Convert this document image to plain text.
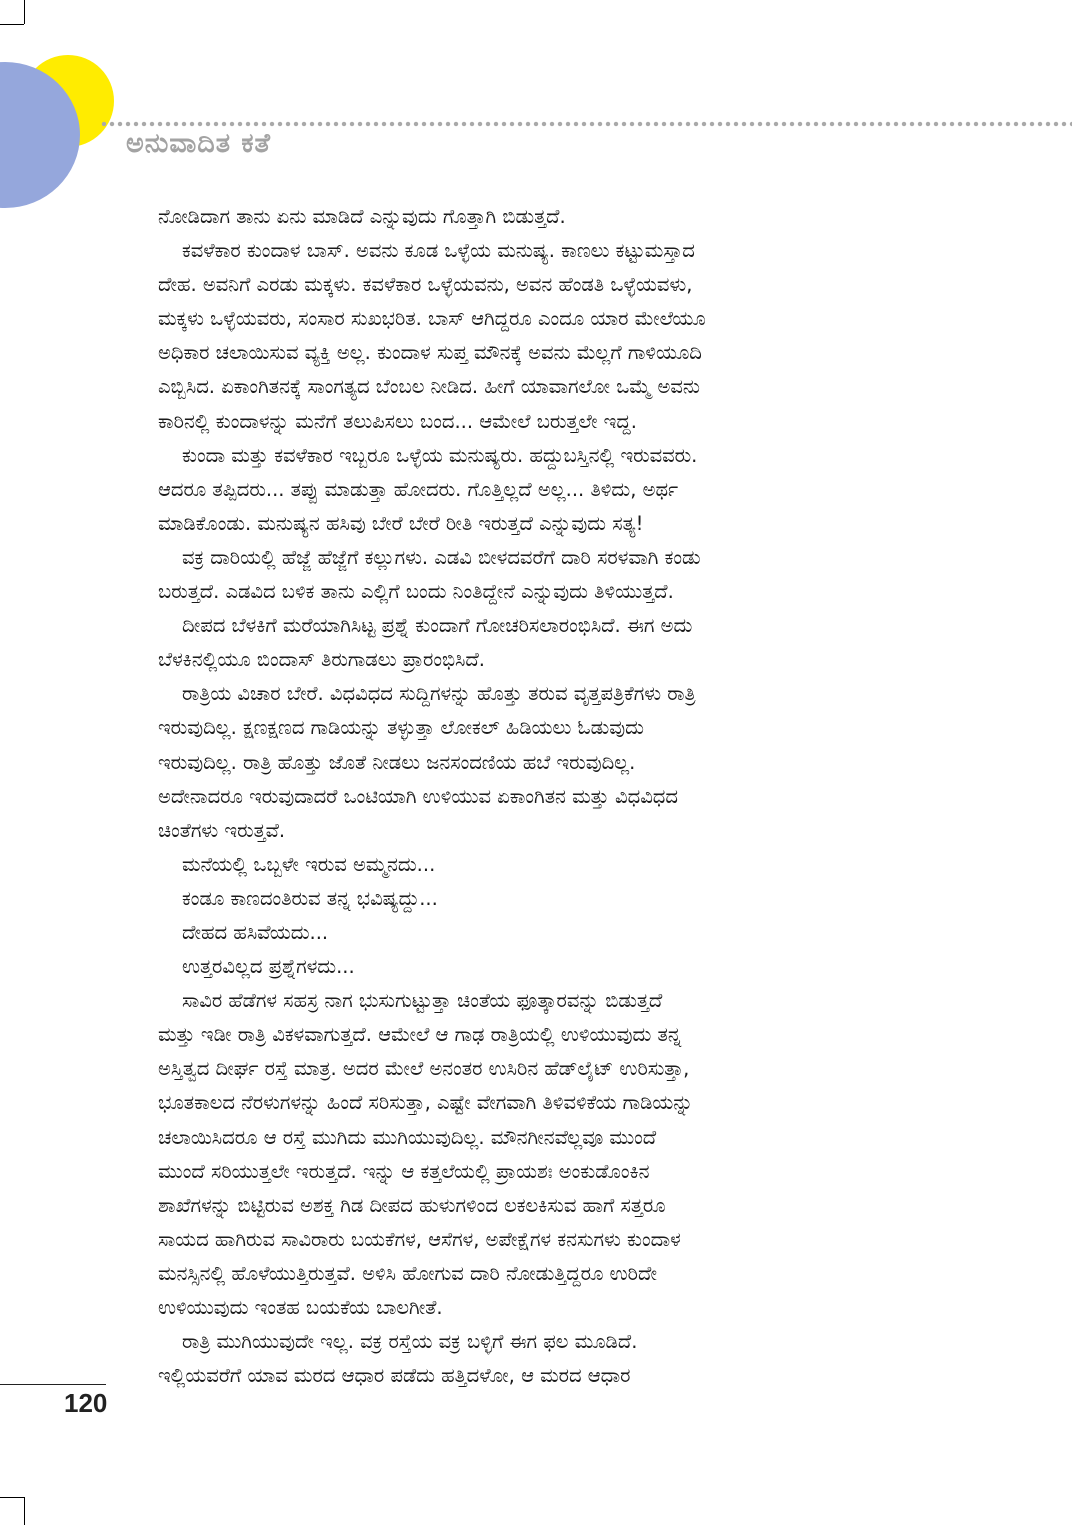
ಅನುವಾದಿತ ಕತೆ
ನೋಡಿದಾಗ ತಾನು ಏನು ಮಾಡಿದೆ ಎನ್ನುವುದು ಗೊತ್ತಾಗಿ ಬಿಡುತ್ತದೆ.
ಕವಳೆಕಾರ ಕುಂದಾಳ ಬಾಸ್. ಅವನು ಕೂಡ ಒಳ್ಳೆಯ ಮನುಷ್ಯ. ಕಾಣಲು ಕಟ್ಟುಮಸ್ತಾದ
ದೇಹ. ಅವನಿಗೆ ಎರಡು ಮಕ್ಕಳು. ಕವಳೆಕಾರ ಒಳ್ಳೆಯವನು, ಅವನ ಹೆಂಡತಿ ಒಳ್ಳೆಯವಳು,
ಮಕ್ಕಳು ಒಳ್ಳೆಯವರು, ಸಂಸಾರ ಸುಖಭರಿತ. ಬಾಸ್ ಆಗಿದ್ದರೂ ಎಂದೂ ಯಾರ ಮೇಲೆಯೂ
ಅಧಿಕಾರ ಚಲಾಯಿಸುವ ವ್ಯಕ್ತಿ ಅಲ್ಲ. ಕುಂದಾಳ ಸುಪ್ತ ಮೌನಕ್ಕೆ ಅವನು ಮೆಲ್ಲಗೆ ಗಾಳಿಯೂದಿ
ಎಬ್ಬಿಸಿದ. ಏಕಾಂಗಿತನಕ್ಕೆ ಸಾಂಗತ್ಯದ ಬೆಂಬಲ ನೀಡಿದ. ಹೀಗೆ ಯಾವಾಗಲೋ ಒಮ್ಮೆ ಅವನು
ಕಾರಿನಲ್ಲಿ ಕುಂದಾಳನ್ನು ಮನೆಗೆ ತಲುಪಿಸಲು ಬಂದ... ಆಮೇಲೆ ಬರುತ್ತಲೇ ಇದ್ದ.
ಕುಂದಾ ಮತ್ತು ಕವಳೆಕಾರ ಇಬ್ಬರೂ ಒಳ್ಳೆಯ ಮನುಷ್ಯರು. ಹದ್ದುಬಸ್ತಿನಲ್ಲಿ ಇರುವವರು.
ಆದರೂ ತಪ್ಪಿದರು... ತಪ್ಪು ಮಾಡುತ್ತಾ ಹೋದರು. ಗೊತ್ತಿಲ್ಲದೆ ಅಲ್ಲ... ತಿಳಿದು, ಅರ್ಥ
ಮಾಡಿಕೊಂಡು. ಮನುಷ್ಯನ ಹಸಿವು ಬೇರೆ ಬೇರೆ ರೀತಿ ಇರುತ್ತದೆ ಎನ್ನುವುದು ಸತ್ಯ!
ವಕ್ರ ದಾರಿಯಲ್ಲಿ ಹೆಜ್ಜೆ ಹೆಜ್ಜೆಗೆ ಕಲ್ಲುಗಳು. ಎಡವಿ ಬೀಳದವರೆಗೆ ದಾರಿ ಸರಳವಾಗಿ ಕಂಡು
ಬರುತ್ತದೆ. ಎಡವಿದ ಬಳಿಕ ತಾನು ಎಲ್ಲಿಗೆ ಬಂದು ನಿಂತಿದ್ದೇನೆ ಎನ್ನುವುದು ತಿಳಿಯುತ್ತದೆ.
ದೀಪದ ಬೆಳಕಿಗೆ ಮರೆಯಾಗಿಸಿಟ್ಟ ಪ್ರಶ್ನೆ ಕುಂದಾಗೆ ಗೋಚರಿಸಲಾರಂಭಿಸಿದೆ. ಈಗ ಅದು
ಬೆಳಕಿನಲ್ಲಿಯೂ ಬಿಂದಾಸ್ ತಿರುಗಾಡಲು ಪ್ರಾರಂಭಿಸಿದೆ.
ರಾತ್ರಿಯ ವಿಚಾರ ಬೇರೆ. ವಿಧವಿಧದ ಸುದ್ದಿಗಳನ್ನು ಹೊತ್ತು ತರುವ ವೃತ್ತಪತ್ರಿಕೆಗಳು ರಾತ್ರಿ
ಇರುವುದಿಲ್ಲ. ಕ್ಷಣಕ್ಷಣದ ಗಾಡಿಯನ್ನು ತಳ್ಳುತ್ತಾ ಲೋಕಲ್ ಹಿಡಿಯಲು ಓಡುವುದು
ಇರುವುದಿಲ್ಲ. ರಾತ್ರಿ ಹೊತ್ತು ಜೊತೆ ನೀಡಲು ಜನಸಂದಣಿಯ ಹಬೆ ಇರುವುದಿಲ್ಲ.
ಅದೇನಾದರೂ ಇರುವುದಾದರೆ ಒಂಟಿಯಾಗಿ ಉಳಿಯುವ ಏಕಾಂಗಿತನ ಮತ್ತು ವಿಧವಿಧದ
ಚಿಂತೆಗಳು ಇರುತ್ತವೆ.
ಮನೆಯಲ್ಲಿ ಒಬ್ಬಳೇ ಇರುವ ಅಮ್ಮನದು...
ಕಂಡೂ ಕಾಣದಂತಿರುವ ತನ್ನ ಭವಿಷ್ಯದ್ದು...
ದೇಹದ ಹಸಿವೆಯದು...
ಉತ್ತರವಿಲ್ಲದ ಪ್ರಶ್ನೆಗಳದು...
ಸಾವಿರ ಹೆಡೆಗಳ ಸಹಸ್ರ ನಾಗ ಭುಸುಗುಟ್ಟುತ್ತಾ ಚಿಂತೆಯ ಫೂತ್ಕಾರವನ್ನು ಬಿಡುತ್ತದೆ
ಮತ್ತು ಇಡೀ ರಾತ್ರಿ ವಿಕಳವಾಗುತ್ತದೆ. ಆಮೇಲೆ ಆ ಗಾಢ ರಾತ್ರಿಯಲ್ಲಿ ಉಳಿಯುವುದು ತನ್ನ
ಅಸ್ತಿತ್ವದ ದೀರ್ಘ ರಸ್ತೆ ಮಾತ್ರ. ಅದರ ಮೇಲೆ ಅನಂತರ ಉಸಿರಿನ ಹೆಡ್‌ಲೈಟ್ ಉರಿಸುತ್ತಾ,
ಭೂತಕಾಲದ ನೆರಳುಗಳನ್ನು ಹಿಂದೆ ಸರಿಸುತ್ತಾ, ಎಷ್ಟೇ ವೇಗವಾಗಿ ತಿಳಿವಳಿಕೆಯ ಗಾಡಿಯನ್ನು
ಚಲಾಯಿಸಿದರೂ ಆ ರಸ್ತೆ ಮುಗಿದು ಮುಗಿಯುವುದಿಲ್ಲ. ಮೌನಗೀನವೆಲ್ಲವೂ ಮುಂದೆ
ಮುಂದೆ ಸರಿಯುತ್ತಲೇ ಇರುತ್ತದೆ. ಇನ್ನು ಆ ಕತ್ತಲೆಯಲ್ಲಿ ಪ್ರಾಯಶಃ ಅಂಕುಡೊಂಕಿನ
ಶಾಖೆಗಳನ್ನು ಬಿಟ್ಟಿರುವ ಅಶಕ್ತ ಗಿಡ ದೀಪದ ಹುಳುಗಳಿಂದ ಲಕಲಕಿಸುವ ಹಾಗೆ ಸತ್ತರೂ
ಸಾಯದ ಹಾಗಿರುವ ಸಾವಿರಾರು ಬಯಕೆಗಳ, ಆಸೆಗಳ, ಅಪೇಕ್ಷೆಗಳ ಕನಸುಗಳು ಕುಂದಾಳ
ಮನಸ್ಸಿನಲ್ಲಿ ಹೊಳೆಯುತ್ತಿರುತ್ತವೆ. ಅಳಿಸಿ ಹೋಗುವ ದಾರಿ ನೋಡುತ್ತಿದ್ದರೂ ಉರಿದೇ
ಉಳಿಯುವುದು ಇಂತಹ ಬಯಕೆಯ ಬಾಲಗೀತೆ.
ರಾತ್ರಿ ಮುಗಿಯುವುದೇ ಇಲ್ಲ. ವಕ್ರ ರಸ್ತೆಯ ವಕ್ರ ಬಳ್ಳಿಗೆ ಈಗ ಫಲ ಮೂಡಿದೆ.
ಇಲ್ಲಿಯವರೆಗೆ ಯಾವ ಮರದ ಆಧಾರ ಪಡೆದು ಹತ್ತಿದಳೋ, ಆ ಮರದ ಆಧಾರ
120
